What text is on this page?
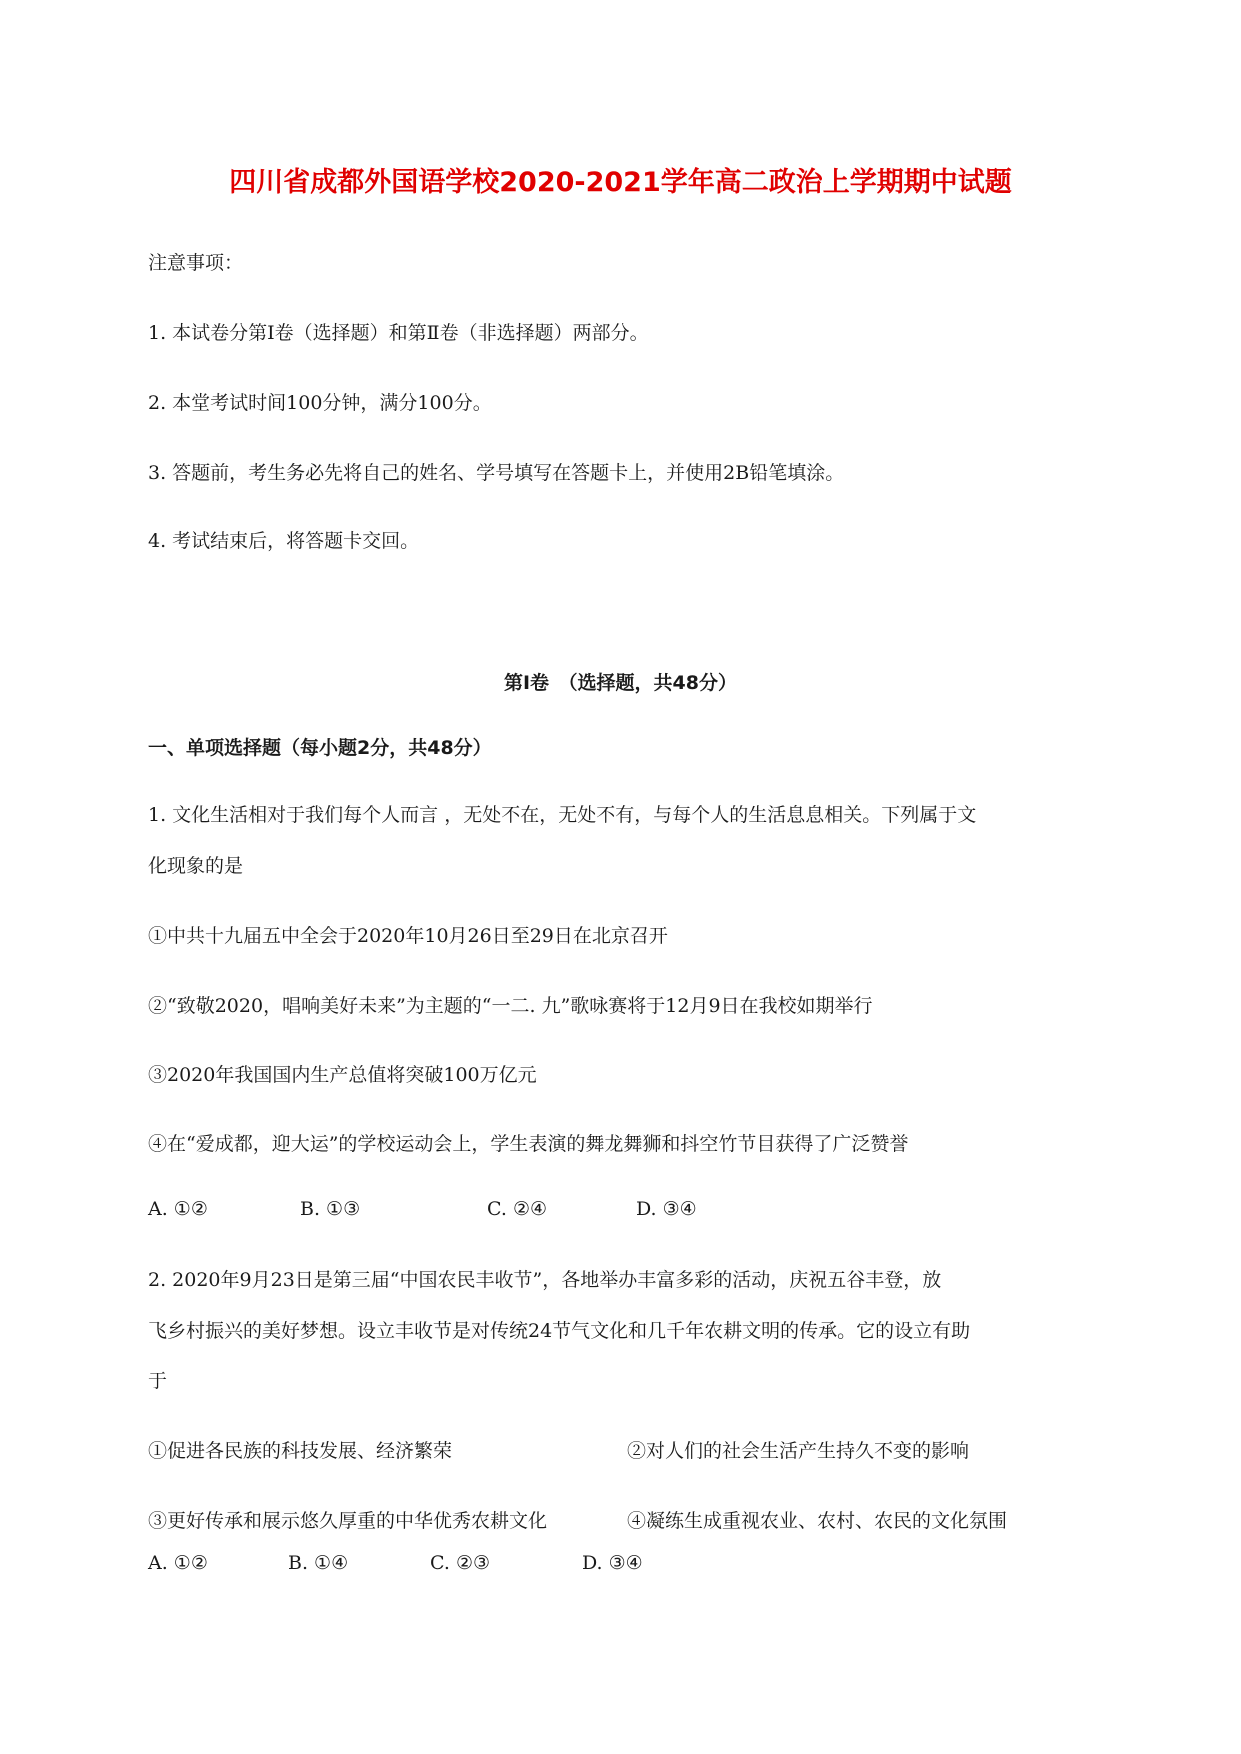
四川省成都外国语学校2020-2021学年高二政治上学期期中试题
注意事项：
1. 本试卷分第Ⅰ卷（选择题）和第Ⅱ卷（非选择题）两部分。
2. 本堂考试时间100分钟，满分100分。
3. 答题前，考生务必先将自己的姓名、学号填写在答题卡上，并使用2B铅笔填涂。
4. 考试结束后，将答题卡交回。
第Ⅰ卷　（选择题，共48分）
一、单项选择题（每小题2分，共48分）
1. 文化生活相对于我们每个人而言 ，无处不在，无处不有，与每个人的生活息息相关。下列属于文
化现象的是
①中共十九届五中全会于2020年10月26日至29日在北京召开
②“致敬2020，唱响美好未来”为主题的“一二. 九”歌咏赛将于12月9日在我校如期举行
③2020年我国国内生产总值将突破100万亿元
④在“爱成都，迎大运”的学校运动会上，学生表演的舞龙舞狮和抖空竹节目获得了广泛赞誉
A. ①②	B. ①③	C. ②④	D. ③④
2. 2020年9月23日是第三届“中国农民丰收节”，各地举办丰富多彩的活动，庆祝五谷丰登，放
飞乡村振兴的美好梦想。设立丰收节是对传统24节气文化和几千年农耕文明的传承。它的设立有助
于
①促进各民族的科技发展、经济繁荣	②对人们的社会生活产生持久不变的影响
③更好传承和展示悠久厚重的中华优秀农耕文化	④凝练生成重视农业、农村、农民的文化氛围
A. ①②	B. ①④	C. ②③	D. ③④
